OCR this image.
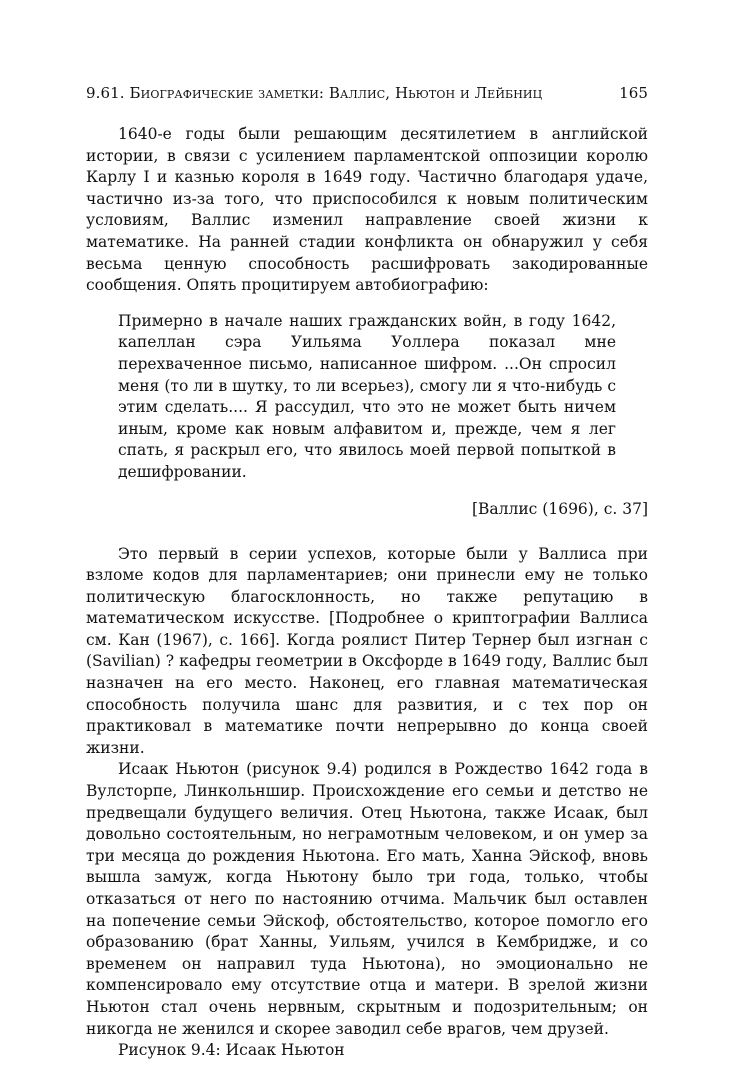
9.61. Биографические заметки: Валлис, Ньютон и Лейбниц	165

1640-е годы были решающим десятилетием в английской истории, в связи с усилением парламентской оппозиции королю Карлу I и казнью короля в 1649 году. Частично благодаря удаче, частично из-за того, что приспособился к новым политическим условиям, Валлис изменил направление своей жизни к математике. На ранней стадии конфликта он обнаружил у себя весьма ценную способность расшифровать закодированные сообщения. Опять процитируем автобиографию:

Примерно в начале наших гражданских войн, в году 1642, капеллан сэра Уильяма Уоллера показал мне перехваченное письмо, написанное шифром. ...Он спросил меня (то ли в шутку, то ли всерьез), смогу ли я что-нибудь с этим сделать.... Я рассудил, что это не может быть ничем иным, кроме как новым алфавитом и, прежде, чем я лег спать, я раскрыл его, что явилось моей первой попыткой в дешифровании.

[Валлис (1696), с. 37]

Это первый в серии успехов, которые были у Валлиса при взломе кодов для парламентариев; они принесли ему не только политическую благосклонность, но также репутацию в математическом искусстве. [Подробнее о криптографии Валлиса см. Кан (1967), с. 166]. Когда роялист Питер Тернер был изгнан с (Savilian) ? кафедры геометрии в Оксфорде в 1649 году, Валлис был назначен на его место. Наконец, его главная математическая способность получила шанс для развития, и с тех пор он практиковал в математике почти непрерывно до конца своей жизни.

Исаак Ньютон (рисунок 9.4) родился в Рождество 1642 года в Вулсторпе, Линкольншир. Происхождение его семьи и детство не предвещали будущего величия. Отец Ньютона, также Исаак, был довольно состоятельным, но неграмотным человеком, и он умер за три месяца до рождения Ньютона. Его мать, Ханна Эйскоф, вновь вышла замуж, когда Ньютону было три года, только, чтобы отказаться от него по настоянию отчима. Мальчик был оставлен на попечение семьи Эйскоф, обстоятельство, которое помогло его образованию (брат Ханны, Уильям, учился в Кембридже, и со временем он направил туда Ньютона), но эмоционально не компенсировало ему отсутствие отца и матери. В зрелой жизни Ньютон стал очень нервным, скрытным и подозрительным; он никогда не женился и скорее заводил себе врагов, чем друзей.

Рисунок 9.4: Исаак Ньютон
